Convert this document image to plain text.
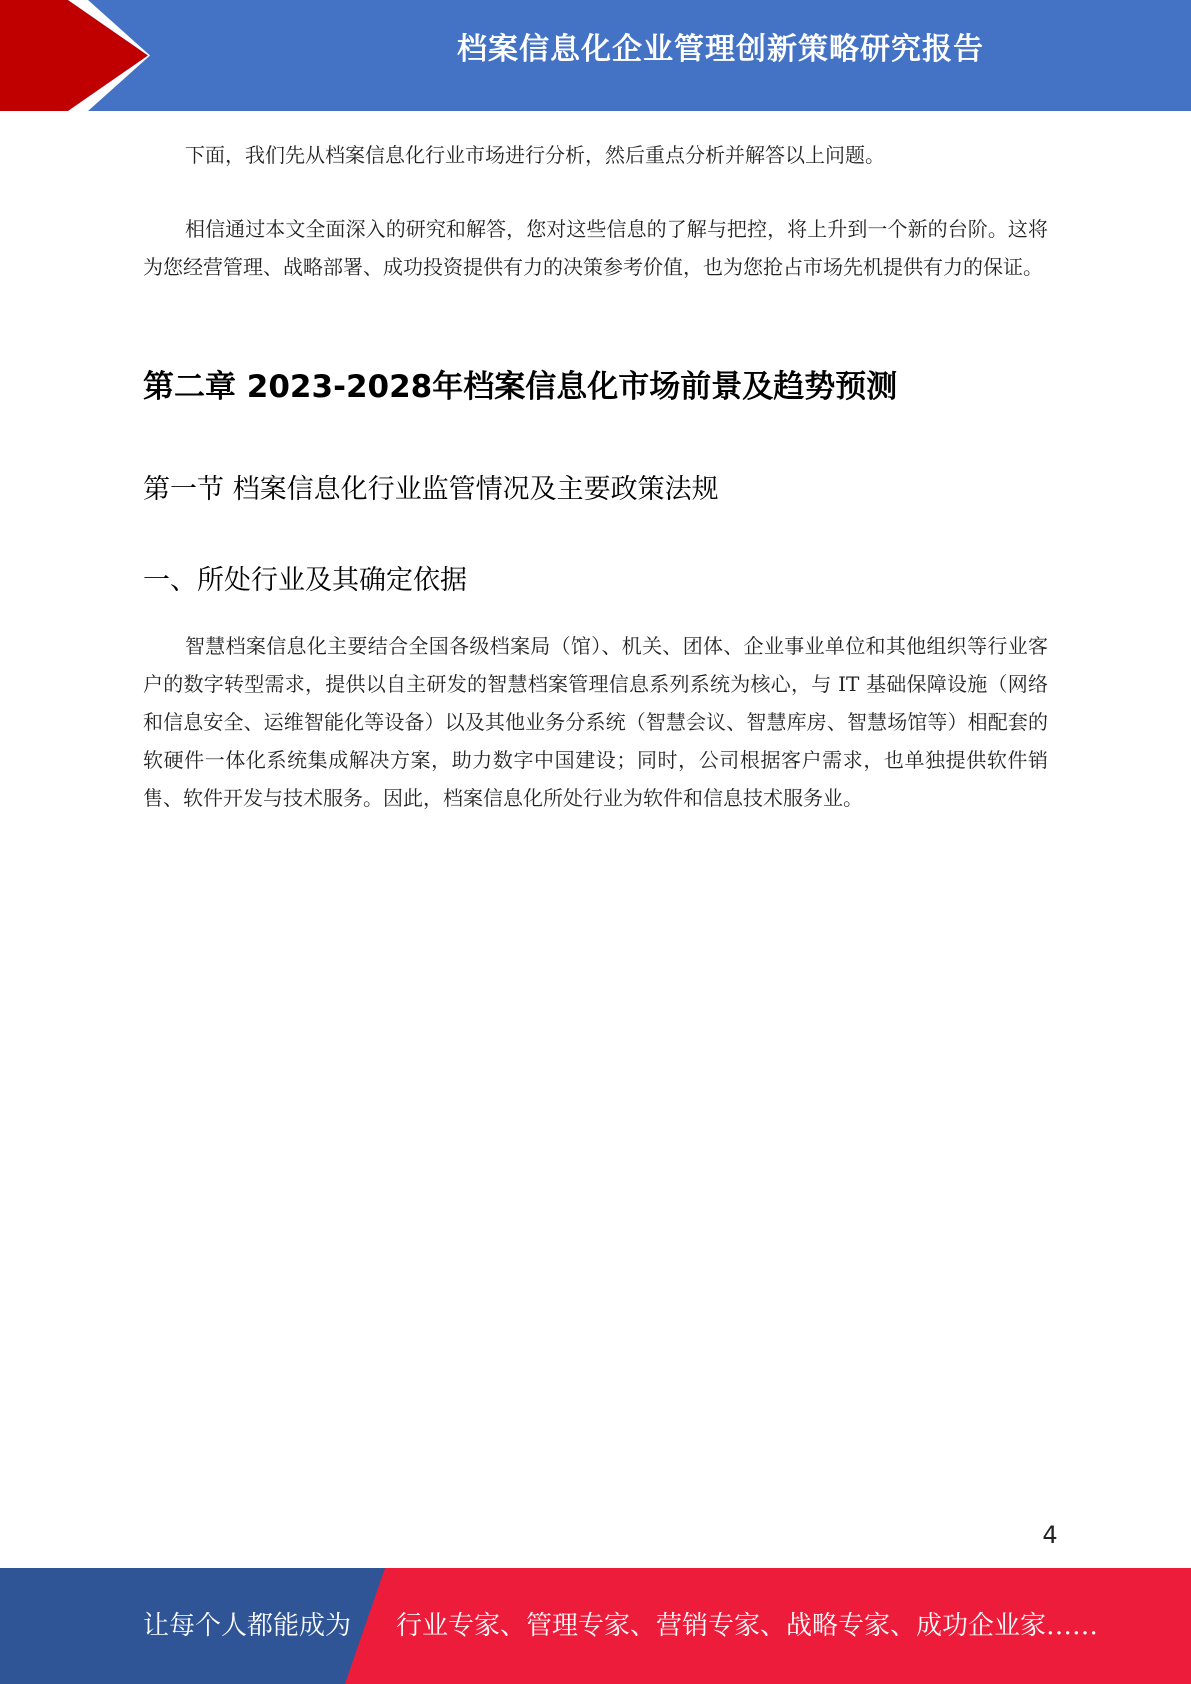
档案信息化企业管理创新策略研究报告

下面，我们先从档案信息化行业市场进行分析，然后重点分析并解答以上问题。

相信通过本文全面深入的研究和解答，您对这些信息的了解与把控，将上升到一个新的台阶。这将为您经营管理、战略部署、成功投资提供有力的决策参考价值，也为您抢占市场先机提供有力的保证。

第二章 2023-2028年档案信息化市场前景及趋势预测
第一节 档案信息化行业监管情况及主要政策法规
一、所处行业及其确定依据

智慧档案信息化主要结合全国各级档案局（馆）、机关、团体、企业事业单位和其他组织等行业客户的数字转型需求，提供以自主研发的智慧档案管理信息系列系统为核心，与 IT 基础保障设施（网络和信息安全、运维智能化等设备）以及其他业务分系统（智慧会议、智慧库房、智慧场馆等）相配套的软硬件一体化系统集成解决方案，助力数字中国建设；同时，公司根据客户需求，也单独提供软件销售、软件开发与技术服务。因此，档案信息化所处行业为软件和信息技术服务业。

4
让每个人都能成为 行业专家、管理专家、营销专家、战略专家、成功企业家……
